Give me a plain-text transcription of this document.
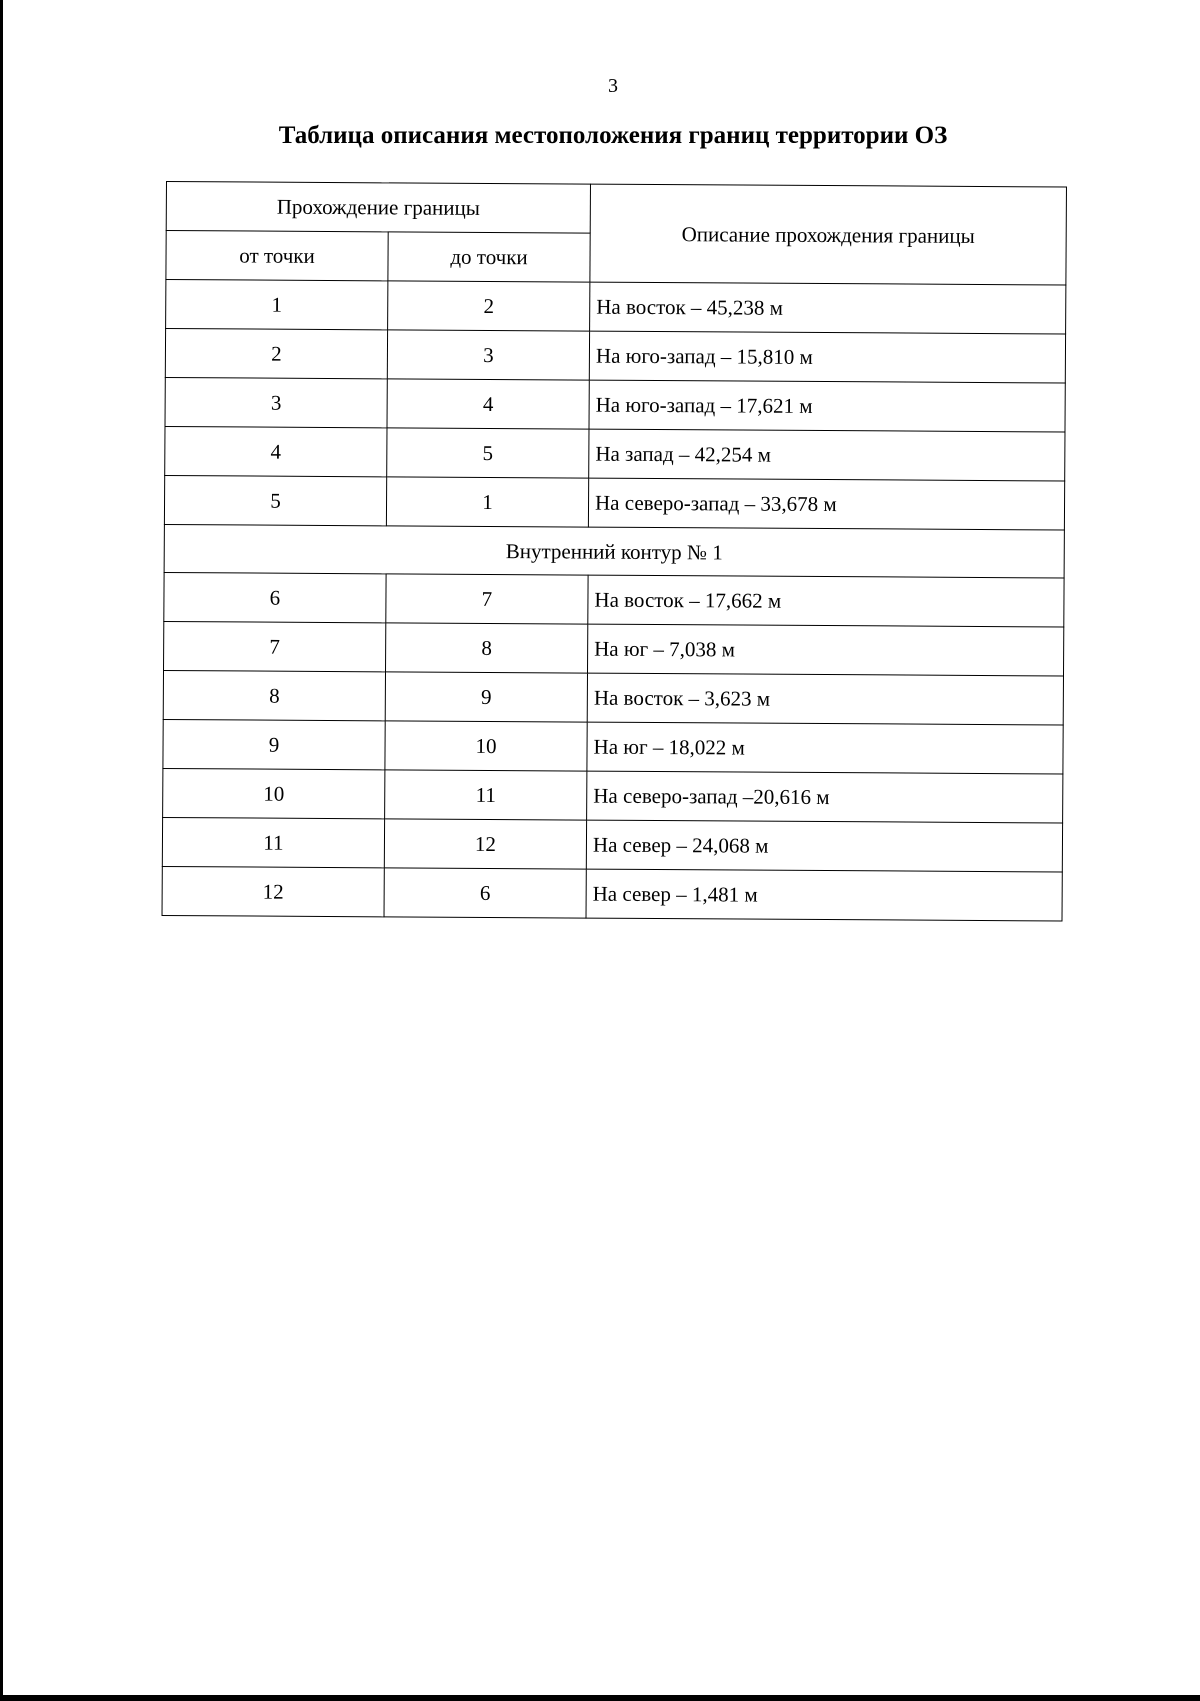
3
Таблица описания местоположения границ территории ОЗ
Прохождение границы		Описание прохождения границы
от точки	до точки	
1	2	На восток – 45,238 м
2	3	На юго-запад – 15,810 м
3	4	На юго-запад – 17,621 м
4	5	На запад – 42,254 м
5	1	На северо-запад – 33,678 м
Внутренний контур № 1		
6	7	На восток – 17,662 м
7	8	На юг – 7,038 м
8	9	На восток – 3,623 м
9	10	На юг – 18,022 м
10	11	На северо-запад –20,616 м
11	12	На север – 24,068 м
12	6	На север – 1,481 м
